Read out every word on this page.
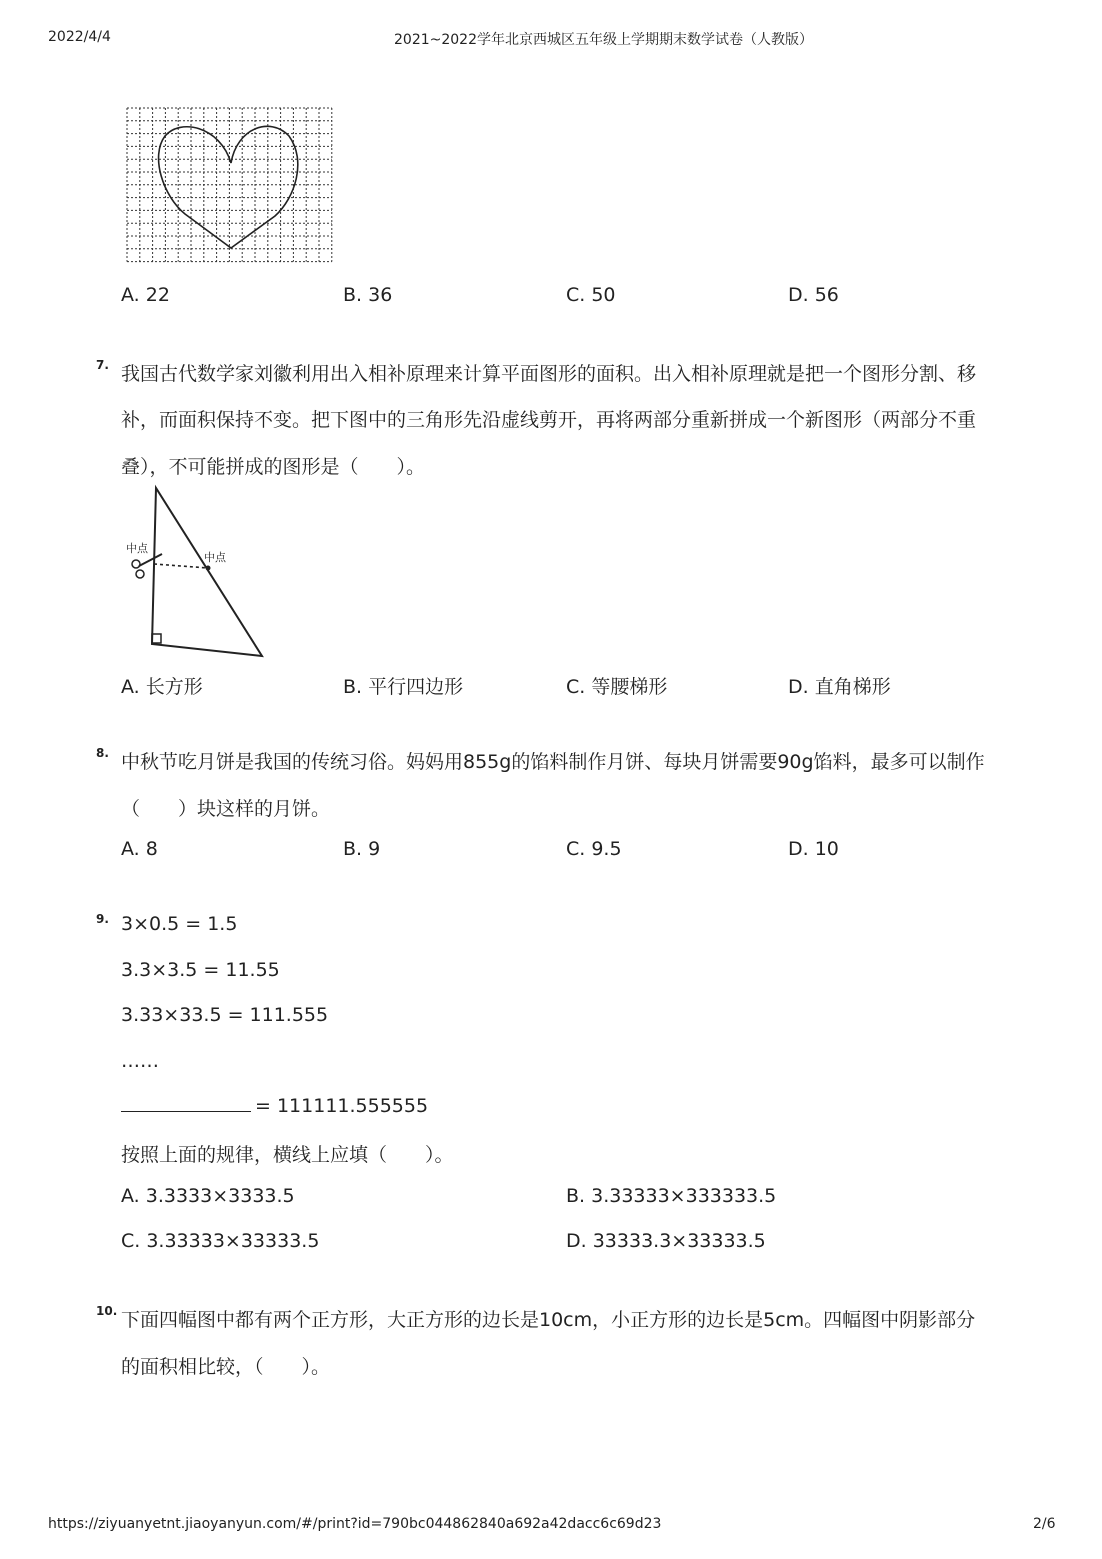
2022/4/4	2021~2022学年北京西城区五年级上学期期末数学试卷（人教版）
A. 22	B. 36	C. 50	D. 56
7. 我国古代数学家刘徽利用出入相补原理来计算平面图形的面积。出入相补原理就是把一个图形分割、移
补，而面积保持不变。把下图中的三角形先沿虚线剪开，再将两部分重新拼成一个新图形（两部分不重
叠），不可能拼成的图形是（　　）。
中点
中点
A. 长方形	B. 平行四边形	C. 等腰梯形	D. 直角梯形
8. 中秋节吃月饼是我国的传统习俗。妈妈用855g的馅料制作月饼、每块月饼需要90g馅料，最多可以制作
（　　）块这样的月饼。
A. 8	B. 9	C. 9.5	D. 10
9. 3×0.5 = 1.5
3.3×3.5 = 11.55
3.33×33.5 = 111.555
……
= 111111.555555
按照上面的规律，横线上应填（　　）。
A. 3.3333×3333.5	B. 3.33333×333333.5
C. 3.33333×33333.5	D. 33333.3×33333.5
10. 下面四幅图中都有两个正方形，大正方形的边长是10cm，小正方形的边长是5cm。四幅图中阴影部分
的面积相比较，（　　）。
https://ziyuanyetnt.jiaoyanyun.com/#/print?id=790bc044862840a692a42dacc6c69d23	2/6
